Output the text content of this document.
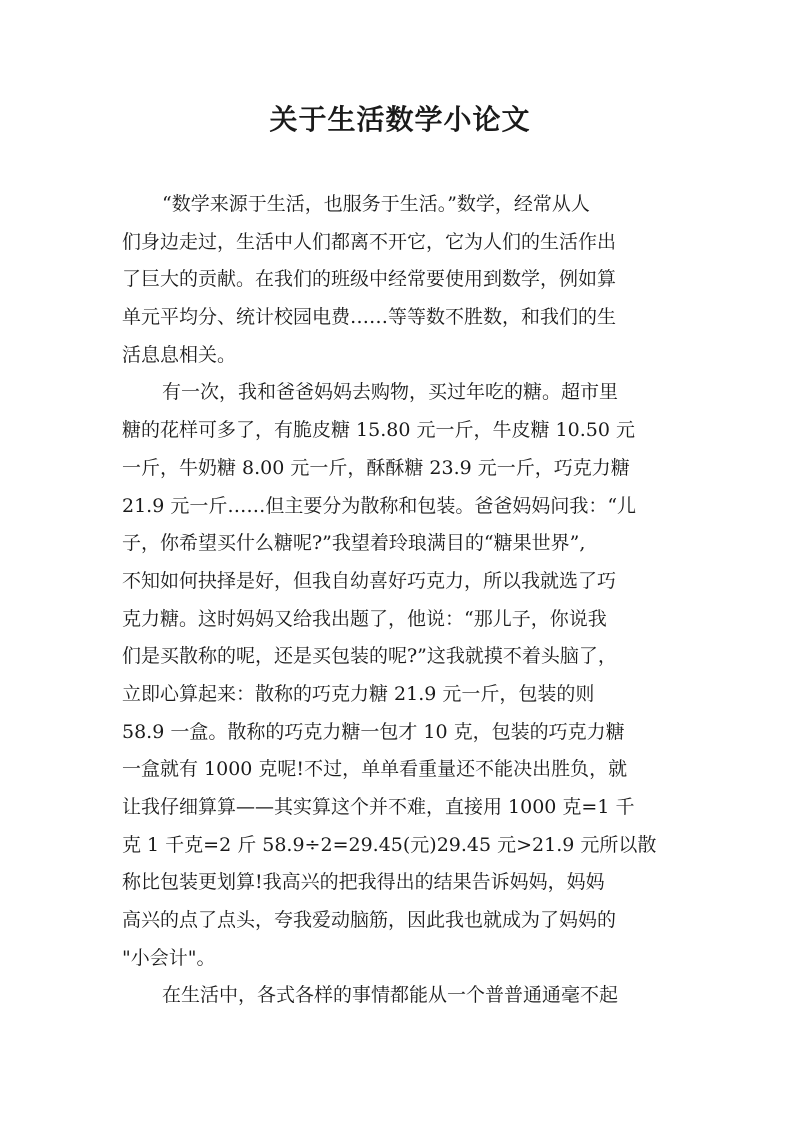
关于生活数学小论文
“数学来源于生活，也服务于生活。”数学，经常从人
们身边走过，生活中人们都离不开它，它为人们的生活作出
了巨大的贡献。在我们的班级中经常要使用到数学，例如算
单元平均分、统计校园电费……等等数不胜数，和我们的生
活息息相关。
有一次，我和爸爸妈妈去购物，买过年吃的糖。超市里
糖的花样可多了，有脆皮糖 15.80 元一斤，牛皮糖 10.50 元
一斤，牛奶糖 8.00 元一斤，酥酥糖 23.9 元一斤，巧克力糖
21.9 元一斤……但主要分为散称和包装。爸爸妈妈问我：“儿
子，你希望买什么糖呢?”我望着玲琅满目的“糖果世界”,
不知如何抉择是好，但我自幼喜好巧克力，所以我就选了巧
克力糖。这时妈妈又给我出题了，他说：“那儿子，你说我
们是买散称的呢，还是买包装的呢?”这我就摸不着头脑了，
立即心算起来：散称的巧克力糖 21.9 元一斤，包装的则
58.9 一盒。散称的巧克力糖一包才 10 克，包装的巧克力糖
一盒就有 1000 克呢!不过，单单看重量还不能决出胜负，就
让我仔细算算——其实算这个并不难，直接用 1000 克=1 千
克 1 千克=2 斤 58.9÷2=29.45(元)29.45 元>21.9 元所以散
称比包装更划算!我高兴的把我得出的结果告诉妈妈，妈妈
高兴的点了点头，夸我爱动脑筋，因此我也就成为了妈妈的
"小会计"。
在生活中，各式各样的事情都能从一个普普通通毫不起
